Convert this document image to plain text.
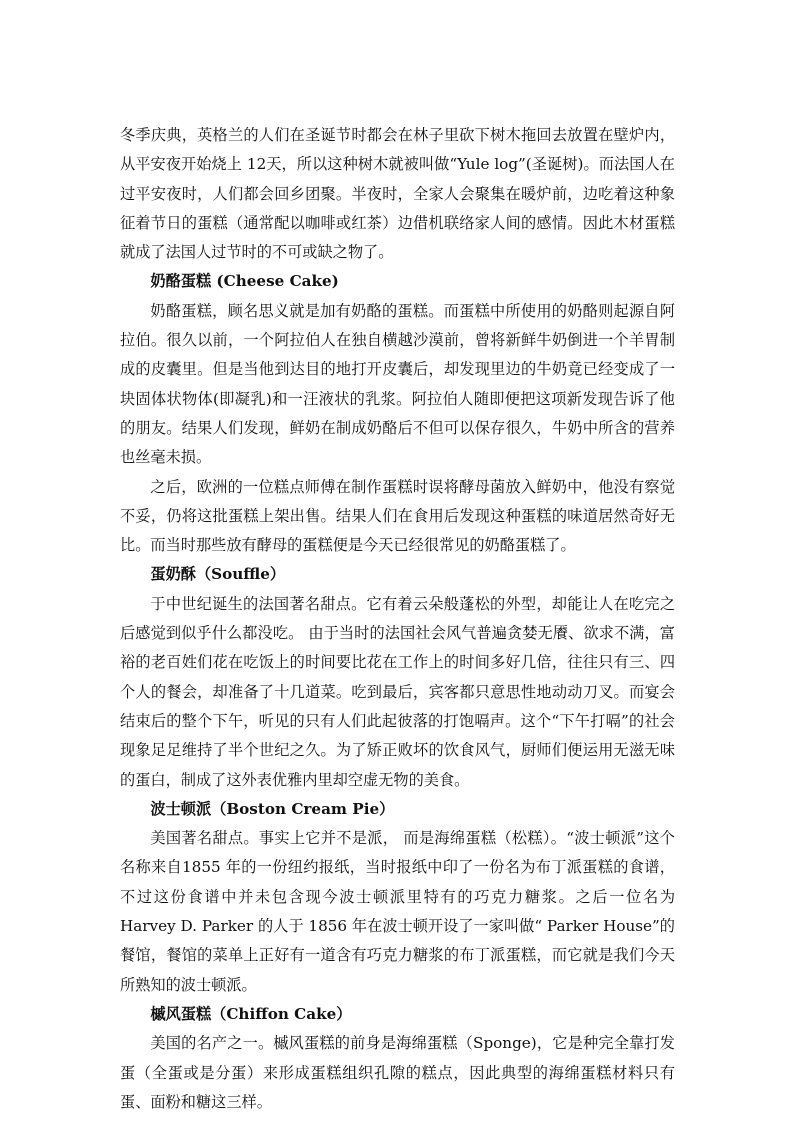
冬季庆典，英格兰的人们在圣诞节时都会在林子里砍下树木拖回去放置在壁炉内，从平安夜开始烧上 12天，所以这种树木就被叫做“Yule log”(圣诞树)。而法国人在过平安夜时，人们都会回乡团聚。半夜时，全家人会聚集在暖炉前，边吃着这种象征着节日的蛋糕（通常配以咖啡或红茶）边借机联络家人间的感情。因此木材蛋糕就成了法国人过节时的不可或缺之物了。

奶酪蛋糕 (Cheese Cake)

奶酪蛋糕，顾名思义就是加有奶酪的蛋糕。而蛋糕中所使用的奶酪则起源自阿拉伯。很久以前，一个阿拉伯人在独自横越沙漠前，曾将新鲜牛奶倒进一个羊胃制成的皮囊里。但是当他到达目的地打开皮囊后，却发现里边的牛奶竟已经变成了一块固体状物体(即凝乳)和一汪液状的乳浆。阿拉伯人随即便把这项新发现告诉了他的朋友。结果人们发现，鲜奶在制成奶酪后不但可以保存很久，牛奶中所含的营养也丝毫未损。

之后，欧洲的一位糕点师傅在制作蛋糕时误将酵母菌放入鲜奶中，他没有察觉不妥，仍将这批蛋糕上架出售。结果人们在食用后发现这种蛋糕的味道居然奇好无比。而当时那些放有酵母的蛋糕便是今天已经很常见的奶酪蛋糕了。

蛋奶酥（Souffle）

于中世纪诞生的法国著名甜点。它有着云朵般蓬松的外型，却能让人在吃完之后感觉到似乎什么都没吃。 由于当时的法国社会风气普遍贪婪无餍、欲求不满，富裕的老百姓们花在吃饭上的时间要比花在工作上的时间多好几倍，往往只有三、四个人的餐会，却准备了十几道菜。吃到最后，宾客都只意思性地动动刀叉。而宴会结束后的整个下午，听见的只有人们此起彼落的打饱嗝声。这个“下午打嗝”的社会现象足足维持了半个世纪之久。为了矫正败坏的饮食风气，厨师们便运用无滋无味的蛋白，制成了这外表优雅内里却空虚无物的美食。

波士顿派（Boston Cream Pie）

美国著名甜点。事实上它并不是派， 而是海绵蛋糕（松糕）。“波士顿派”这个名称来自1855 年的一份纽约报纸，当时报纸中印了一份名为布丁派蛋糕的食谱，不过这份食谱中并未包含现今波士顿派里特有的巧克力糖浆。之后一位名为 Harvey D. Parker 的人于 1856 年在波士顿开设了一家叫做“ Parker House”的餐馆，餐馆的菜单上正好有一道含有巧克力糖浆的布丁派蛋糕，而它就是我们今天所熟知的波士顿派。

槭风蛋糕（Chiffon Cake）

美国的名产之一。槭风蛋糕的前身是海绵蛋糕（Sponge)，它是种完全靠打发蛋（全蛋或是分蛋）来形成蛋糕组织孔隙的糕点，因此典型的海绵蛋糕材料只有蛋、面粉和糖这三样。
